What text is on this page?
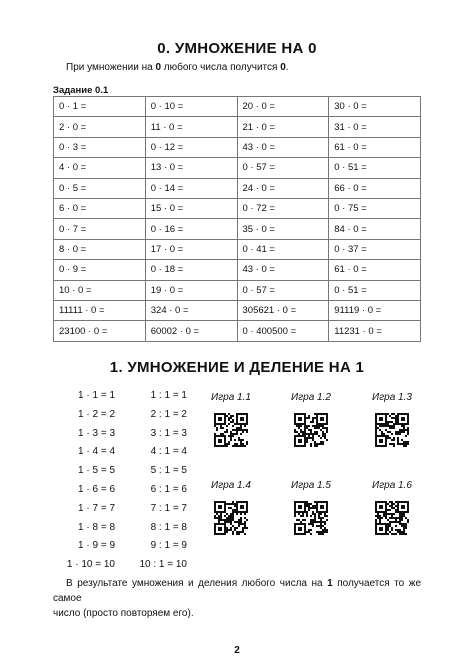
0. УМНОЖЕНИЕ НА 0
При умножении на 0 любого числа получится 0.
Задание 0.1
0 · 1 =	0 · 10 =	20 · 0 =	30 · 0 =
2 · 0 =	11 · 0 =	21 · 0 =	31 · 0 =
0 · 3 =	0 · 12 =	43 · 0 =	61 · 0 =
4 · 0 =	13 · 0 =	0 · 57 =	0 · 51 =
0 · 5 =	0 · 14 =	24 · 0 =	66 · 0 =
6 · 0 =	15 · 0 =	0 · 72 =	0 · 75 =
0 · 7 =	0 · 16 =	35 · 0 =	84 · 0 =
8 · 0 =	17 · 0 =	0 · 41 =	0 · 37 =
0 · 9 =	0 · 18 =	43 · 0 =	61 · 0 =
10 · 0 =	19 · 0 =	0 · 57 =	0 · 51 =
11111 · 0 =	324 · 0 =	305621 · 0 =	91119 · 0 =
23100 · 0 =	60002 · 0 =	0 · 400500 =	11231 · 0 =
1. УМНОЖЕНИЕ И ДЕЛЕНИЕ НА 1
1 · 1 = 1
1 · 2 = 2
1 · 3 = 3
1 · 4 = 4
1 · 5 = 5
1 · 6 = 6
1 · 7 = 7
1 · 8 = 8
1 · 9 = 9
1 · 10 = 10
1 : 1 = 1
2 : 1 = 2
3 : 1 = 3
4 : 1 = 4
5 : 1 = 5
6 : 1 = 6
7 : 1 = 7
8 : 1 = 8
9 : 1 = 9
10 : 1 = 10
Игра 1.1	Игра 1.2	Игра 1.3
Игра 1.4	Игра 1.5	Игра 1.6
В результате умножения и деления любого числа на 1 получается то же самое
число (просто повторяем его).
2
